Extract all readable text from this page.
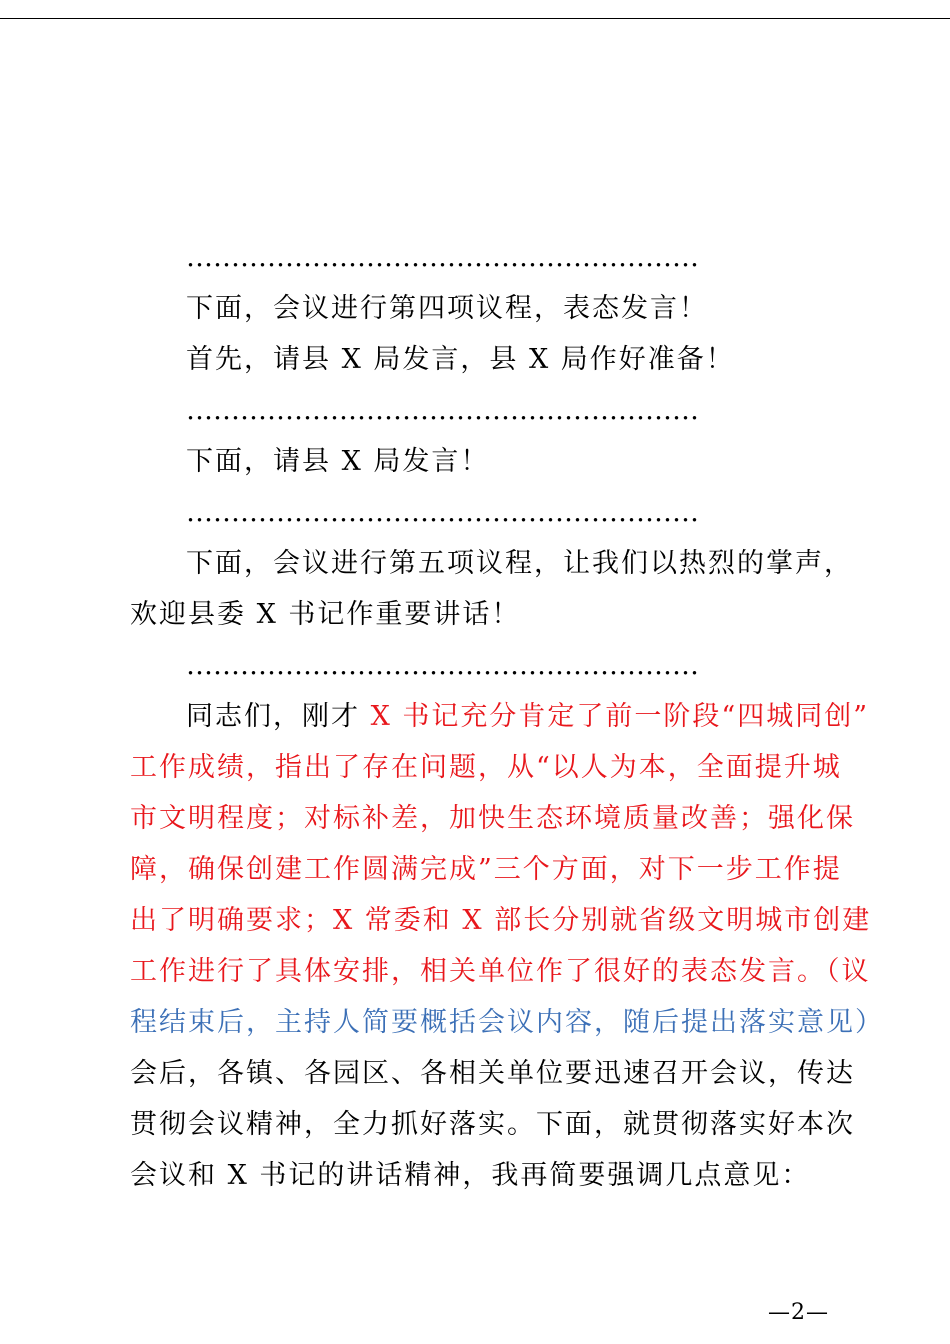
…………………………………………………
下面，会议进行第四项议程，表态发言！
首先，请县 X 局发言，县 X 局作好准备！
…………………………………………………
下面，请县 X 局发言！
…………………………………………………
下面，会议进行第五项议程，让我们以热烈的掌声，
欢迎县委 X 书记作重要讲话！
…………………………………………………
同志们，刚才 X 书记充分肯定了前一阶段“四城同创”
工作成绩，指出了存在问题，从“以人为本，全面提升城
市文明程度；对标补差，加快生态环境质量改善；强化保
障，确保创建工作圆满完成”三个方面，对下一步工作提
出了明确要求；X 常委和 X 部长分别就省级文明城市创建
工作进行了具体安排，相关单位作了很好的表态发言。（议
程结束后，主持人简要概括会议内容，随后提出落实意见）
会后，各镇、各园区、各相关单位要迅速召开会议，传达
贯彻会议精神，全力抓好落实。下面，就贯彻落实好本次
会议和 X 书记的讲话精神，我再简要强调几点意见：
—2—
